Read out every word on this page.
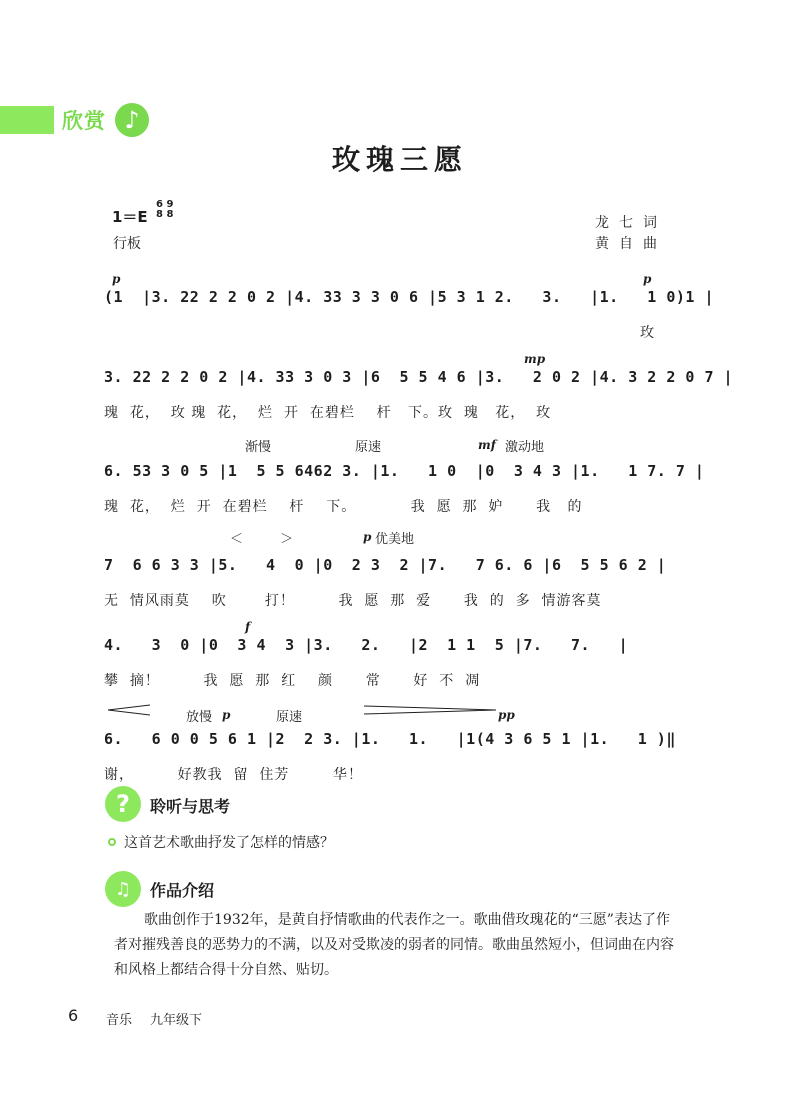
欣赏 ♪
玫瑰三愿
1＝E
6 9
8 8
行板
龙七词
黄自曲
p	p
(1  |3. 22 2 2 0 2 |4. 33 3 3 0 6 |5 3 1 2.   3.   |1.   1 0)1 |
玫
mp
3. 22 2 2 0 2 |4. 33 3 0 3 |6  5 5 4 6 |3.   2 0 2 |4. 3 2 2 0 7 |
瑰  花，  玫 瑰  花，  烂  开  在碧栏    杆   下。玫  瑰   花，  玫
渐慢	原速	mf 激动地
6. 53 3 0 5 |1  5 5 6462 3. |1.   1 0  |0  3 4 3 |1.   1 7. 7 |
瑰  花，  烂  开  在碧栏    杆    下。          我  愿  那  妒      我   的
＜	＞	p 优美地
7  6 6 3 3 |5.   4  0 |0  2 3  2 |7.   7 6. 6 |6  5 5 6 2 |
无  情风雨莫    吹       打！        我  愿  那  爱      我  的  多  情游客莫
f
4.   3  0 |0  3 4  3 |3.   2.   |2  1 1  5 |7.   7.   |
攀  摘！        我  愿  那  红    颜      常      好  不  凋
放慢 p	原速	pp
6.   6 0 0 5 6 1 |2  2 3. |1.   1.   |1(4 3 6 5 1 |1.   1 )‖
谢，        好教我  留  住芳        华！
?	聆听与思考
这首艺术歌曲抒发了怎样的情感？
♫	作品介绍
歌曲创作于1932年，是黄自抒情歌曲的代表作之一。歌曲借玫瑰花的“三愿”表达了作者对摧残善良的恶势力的不满，以及对受欺凌的弱者的同情。歌曲虽然短小，但词曲在内容和风格上都结合得十分自然、贴切。
6 音乐 九年级下
